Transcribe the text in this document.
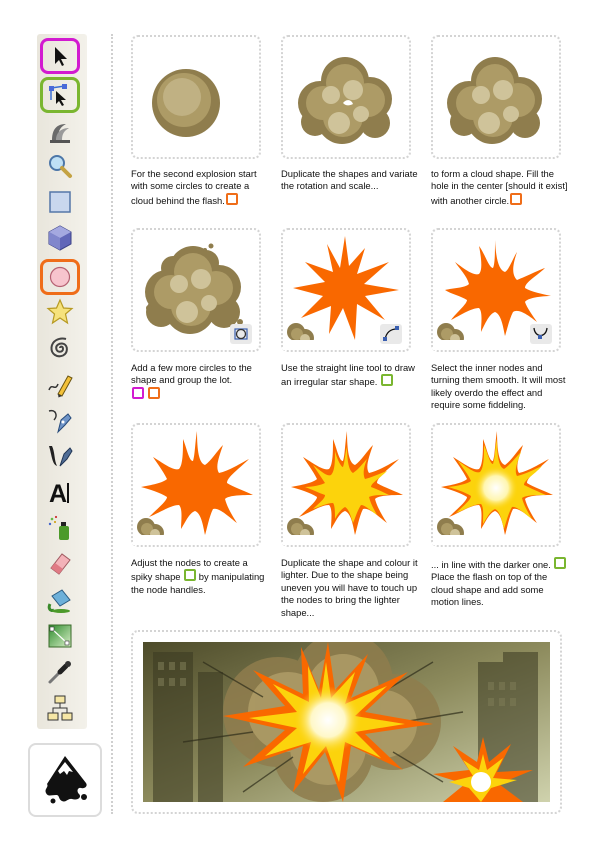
A
For the second explosion start with some circles to create a cloud behind the flash.
Duplicate the shapes and variate the rotation and scale...
to form a cloud shape. Fill the hole in the center [should it exist] with another circle.
Add a few more circles to the shape and group the lot.

Use the straight line tool to draw an irregular star shape.
Select the inner nodes and turning them smooth. It will most likely overdo the effect and require some fiddeling.
Adjust the nodes to create a spiky shape by manipulating the node handles.
Duplicate the shape and colour it lighter. Due to the shape being uneven you will have to touch up the nodes to bring the lighter shape...
... in line with the darker one.
Place the flash on top of the cloud shape and add some motion lines.
